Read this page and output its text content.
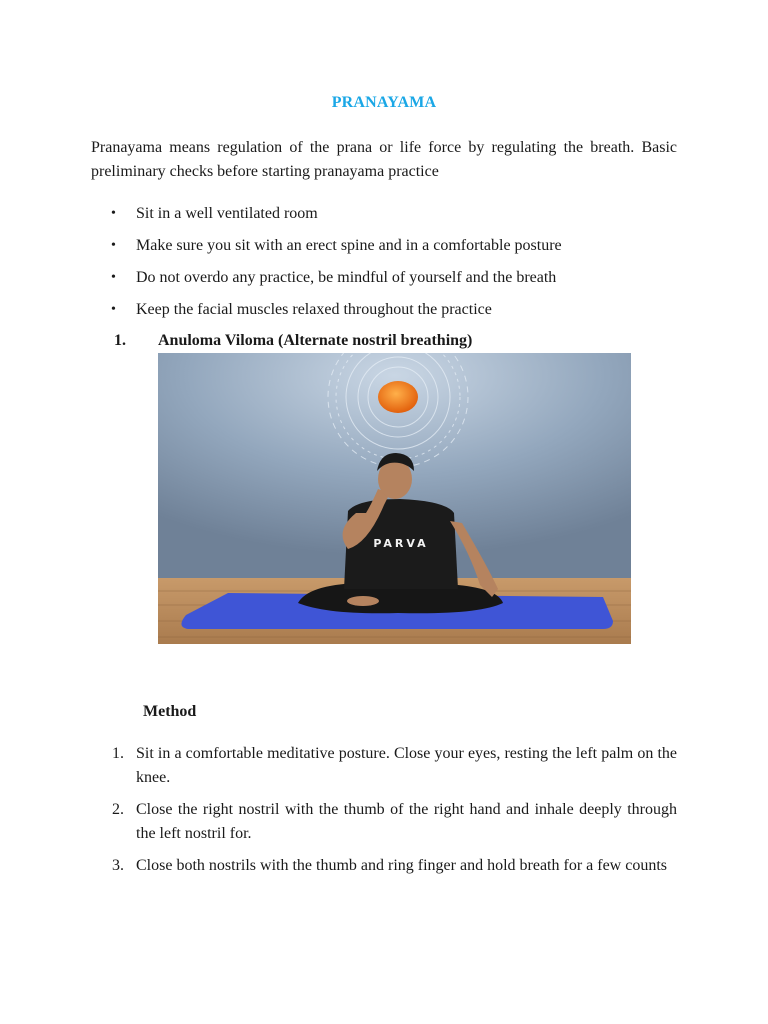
PRANAYAMA
Pranayama means regulation of the prana or life force by regulating the breath. Basic preliminary checks before starting pranayama practice
• Sit in a well ventilated room
• Make sure you sit with an erect spine and in a comfortable posture
• Do not overdo any practice, be mindful of yourself and the breath
• Keep the facial muscles relaxed throughout the practice
1. Anuloma Viloma (Alternate nostril breathing)
PARVA
Method
1. Sit in a comfortable meditative posture. Close your eyes, resting the left palm on the knee.
2. Close the right nostril with the thumb of the right hand and inhale deeply through the left nostril for.
3. Close both nostrils with the thumb and ring finger and hold breath for a few counts
